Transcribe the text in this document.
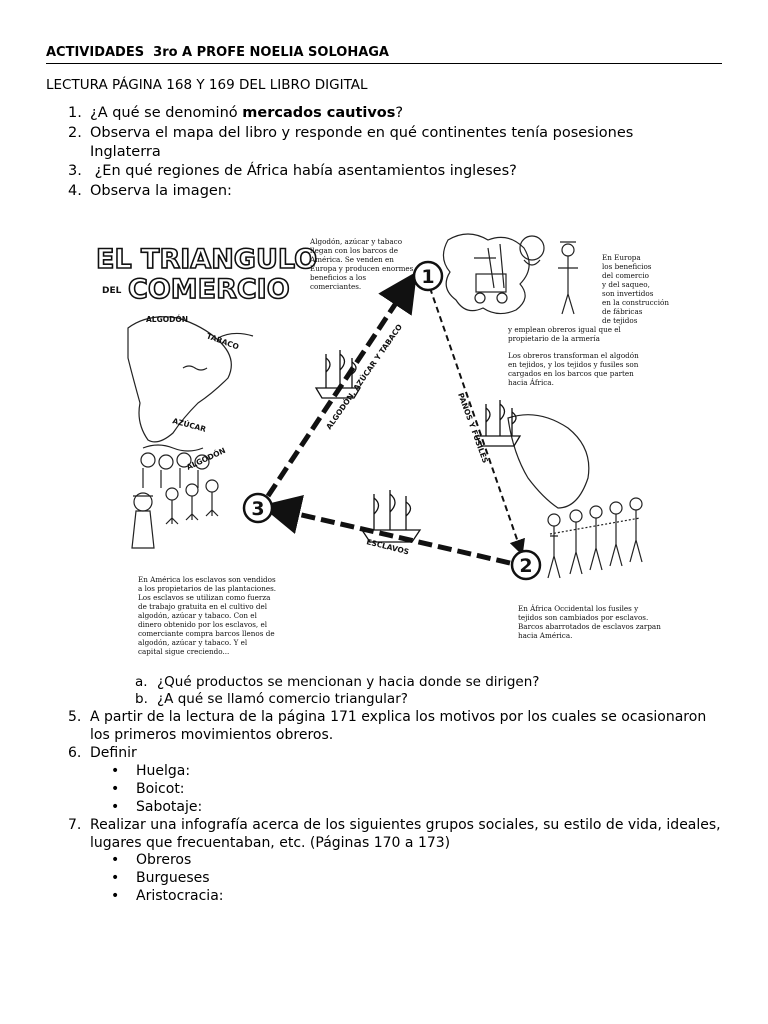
ACTIVIDADES  3ro A PROFE NOELIA SOLOHAGA
LECTURA PÁGINA 168 Y 169 DEL LIBRO DIGITAL
1. ¿A qué se denominó mercados cautivos?
2. Observa el mapa del libro y responde en qué continentes tenía posesiones Inglaterra
3. ¿En qué regiones de África había asentamientos ingleses?
4. Observa la imagen:
EL TRIANGULO
DEL COMERCIO
ALGODÓN
TABACO
AZÚCAR
ALGODÓN
ALGODÓN, AZÚCAR Y TABACO	PAÑOS Y FUSILES
ESCLAVOS
1
2
3
Algodón, azúcar y tabaco
llegan con los barcos de
América. Se venden en
Europa y producen enormes
beneficios a los
comerciantes.
En Europa
los beneficios
del comercio
y del saqueo,
son invertidos
en la construcción
de fábricas
de tejidos
y emplean obreros igual que el
propietario de la armería
Los obreros transforman el algodón
en tejidos, y los tejidos y fusiles son
cargados en los barcos que parten
hacia África.
En América los esclavos son vendidos
a los propietarios de las plantaciones.
Los esclavos se utilizan como fuerza
de trabajo gratuita en el cultivo del
algodón, azúcar y tabaco. Con el
dinero obtenido por los esclavos, el
comerciante compra barcos llenos de
algodón, azúcar y tabaco. Y el
capital sigue creciendo...
En África Occidental los fusiles y
tejidos son cambiados por esclavos.
Barcos abarrotados de esclavos zarpan
hacia América.
a. ¿Qué productos se mencionan y hacia donde se dirigen?
b. ¿A qué se llamó comercio triangular?
5. A partir de la lectura de la página 171 explica los motivos por los cuales se ocasionaron los primeros movimientos obreros.
6. Definir
• Huelga:
• Boicot:
• Sabotaje:
7. Realizar una infografía acerca de los siguientes grupos sociales, su estilo de vida, ideales, lugares que frecuentaban, etc. (Páginas 170 a 173)
• Obreros
• Burgueses
• Aristocracia:
